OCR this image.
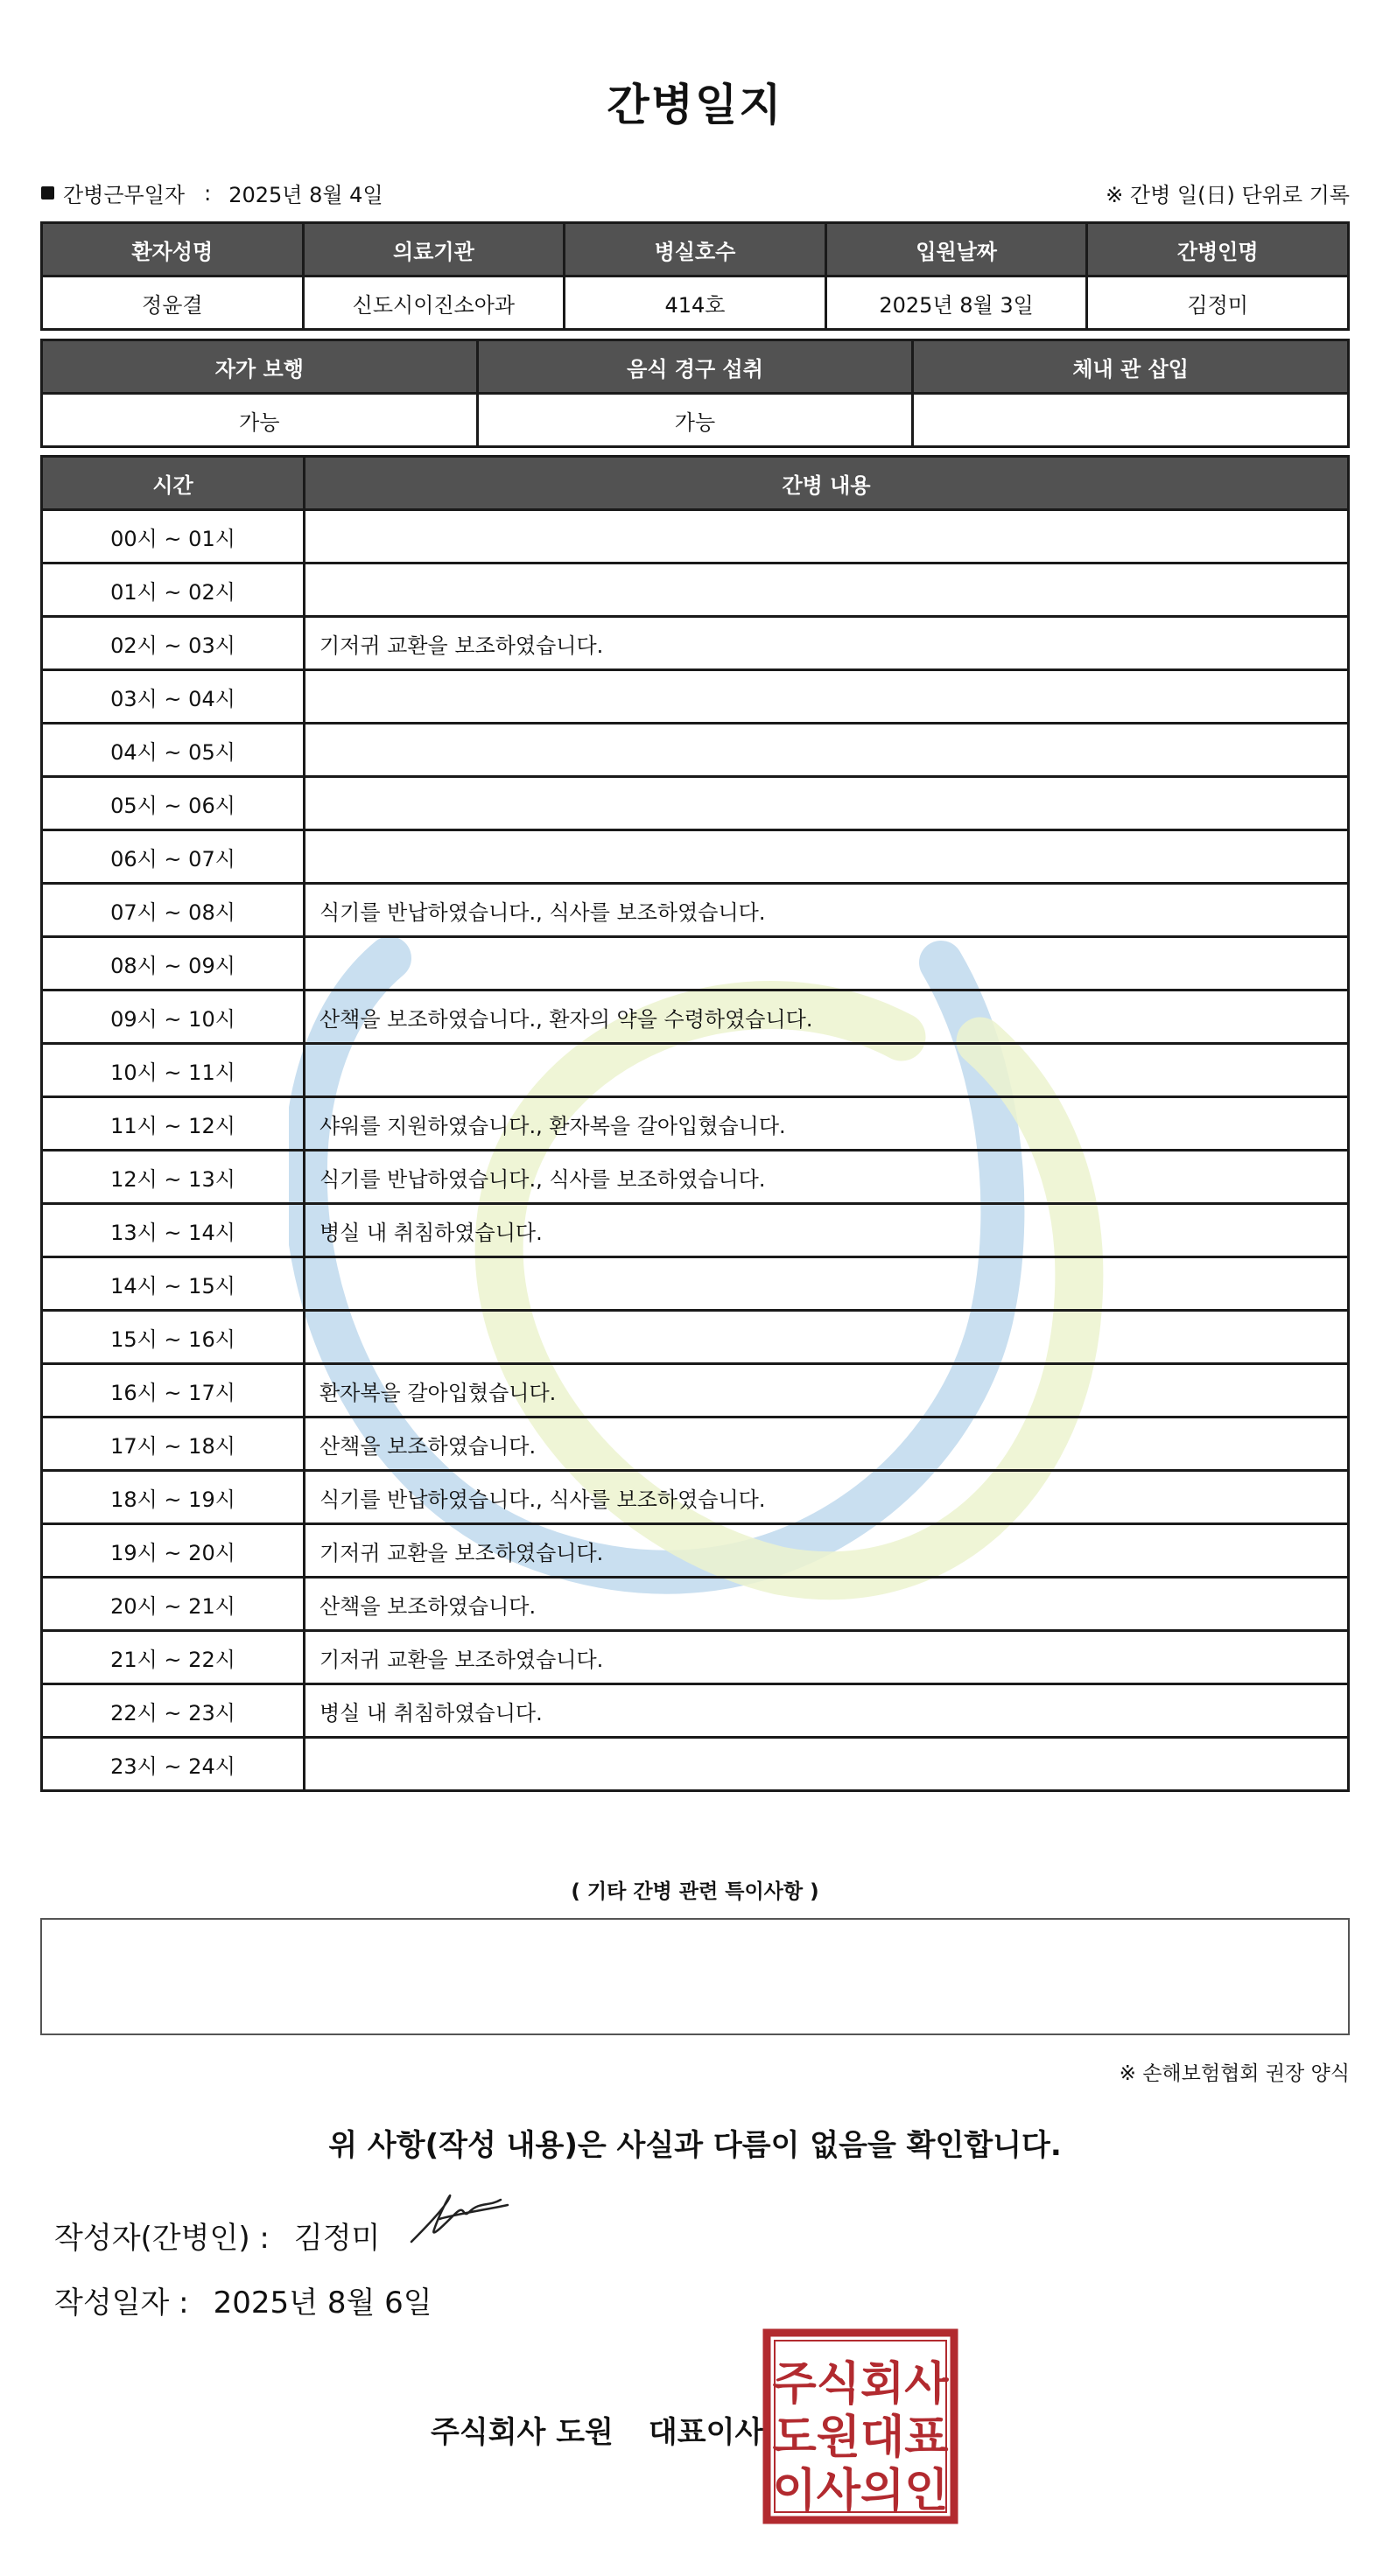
간병일지
간병근무일자 : 2025년 8월 4일	※ 간병 일(日) 단위로 기록
환자성명	의료기관	병실호수	입원날짜	간병인명
정윤결	신도시이진소아과	414호	2025년 8월 3일	김정미
자가 보행	음식 경구 섭취	체내 관 삽입
가능	가능	
시간	간병 내용
00시 ~ 01시	
01시 ~ 02시	
02시 ~ 03시	기저귀 교환을 보조하였습니다.
03시 ~ 04시	
04시 ~ 05시	
05시 ~ 06시	
06시 ~ 07시	
07시 ~ 08시	식기를 반납하였습니다., 식사를 보조하였습니다.
08시 ~ 09시	
09시 ~ 10시	산책을 보조하였습니다., 환자의 약을 수령하였습니다.
10시 ~ 11시	
11시 ~ 12시	샤워를 지원하였습니다., 환자복을 갈아입혔습니다.
12시 ~ 13시	식기를 반납하였습니다., 식사를 보조하였습니다.
13시 ~ 14시	병실 내 취침하였습니다.
14시 ~ 15시	
15시 ~ 16시	
16시 ~ 17시	환자복을 갈아입혔습니다.
17시 ~ 18시	산책을 보조하였습니다.
18시 ~ 19시	식기를 반납하였습니다., 식사를 보조하였습니다.
19시 ~ 20시	기저귀 교환을 보조하였습니다.
20시 ~ 21시	산책을 보조하였습니다.
21시 ~ 22시	기저귀 교환을 보조하였습니다.
22시 ~ 23시	병실 내 취침하였습니다.
23시 ~ 24시	
( 기타 간병 관련 특이사항 )
※ 손해보험협회 권장 양식
위 사항(작성 내용)은 사실과 다름이 없음을 확인합니다.
작성자(간병인) : 김정미
작성일자 : 2025년 8월 6일
주식회사 도원 대표이사
주식회사
도원대표
이사의인
